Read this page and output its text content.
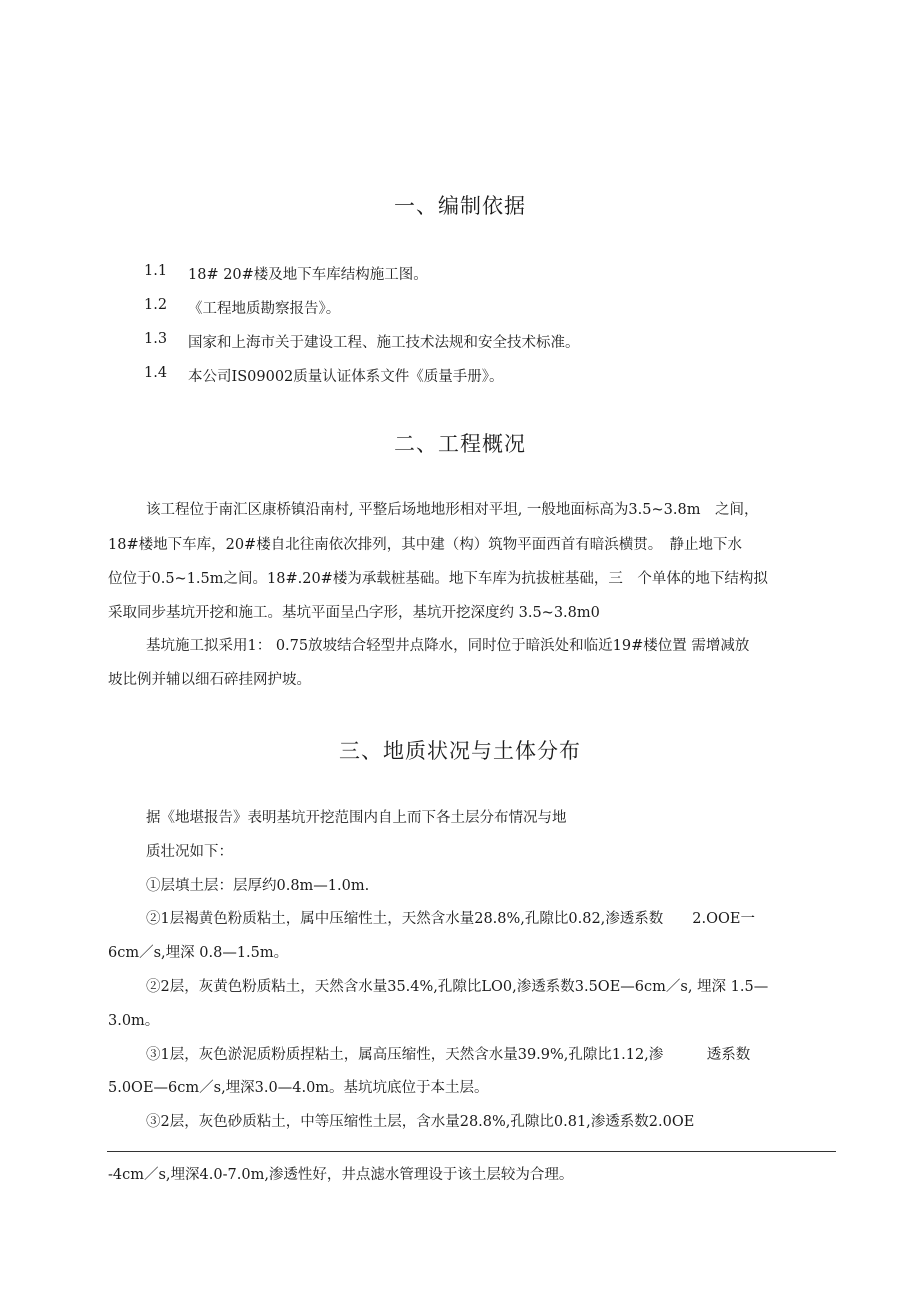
一、编制依据
1.1 18# 20#楼及地下车库结构施工图。
1.2 《工程地质勘察报告》。
1.3 国家和上海市关于建设工程、施工技术法规和安全技术标准。
1.4 本公司IS09002质量认证体系文件《质量手册》。
二、工程概况
该工程位于南汇区康桥镇沿南村, 平整后场地地形相对平坦, 一般地面标高为3.5~3.8m　之间，
18#楼地下车库，20#楼自北往南依次排列，其中建（构）筑物平面西首有暗浜横贯。　静止地下水
位位于0.5~1.5m之间。18#.20#楼为承载桩基础。地下车库为抗拔桩基础，三　个单体的地下结构拟
采取同步基坑开挖和施工。基坑平面呈凸字形，基坑开挖深度约 3.5~3.8m0
基坑施工拟采用1： 0.75放坡结合轻型井点降水，同时位于暗浜处和临近19#楼位置 需增减放
坡比例并辅以细石碎挂网护坡。
三、地质状况与土体分布
据《地堪报告》表明基坑开挖范围内自上而下各土层分布情况与地
质壮况如下：
①层填土层：层厚约0.8m—1.0m.
②1层褐黄色粉质粘土，属中压缩性土，天然含水量28.8%,孔隙比0.82,渗透系数　　2.OOE一
6cm／s,埋深 0.8—1.5m。
②2层，灰黄色粉质粘土，天然含水量35.4%,孔隙比LO0,渗透系数3.5OE—6cm／s, 埋深 1.5—
3.0m。
③1层，灰色淤泥质粉质捏粘土，属高压缩性，天然含水量39.9%,孔隙比1.12,渗　　　透系数
5.0OE—6cm／s,埋深3.0—4.0m。基坑坑底位于本土层。
③2层，灰色砂质粘土，中等压缩性土层，含水量28.8%,孔隙比0.81,渗透系数2.0OE
-4cm／s,埋深4.0-7.0m,渗透性好，井点滤水管理设于该土层较为合理。
